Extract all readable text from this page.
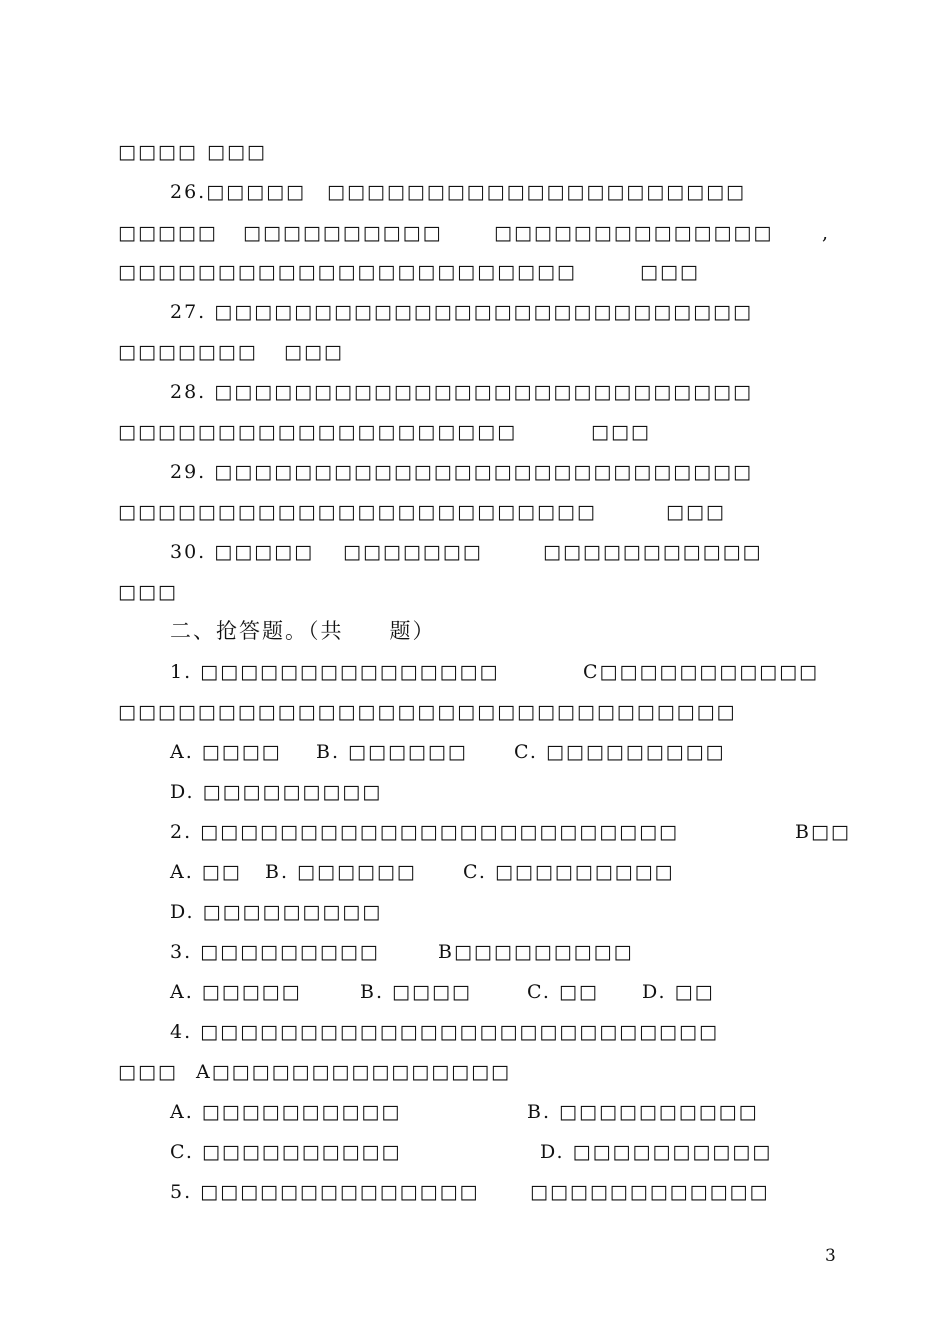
3
□□□□ □□□
26.□□□□□ □□□□□□□□□□□□□□□□□□□□□
□□□□□ □□□□□□□□□□	□□□□□□□□□□□□□□	,
□□□□□□□□□□□□□□□□□□□□□□□	□□□
27. □□□□□□□□□□□□□□□□□□□□□□□□□□□
□□□□□□□ □□□
28. □□□□□□□□□□□□□□□□□□□□□□□□□□□
□□□□□□□□□□□□□□□□□□□□	□□□
29. □□□□□□□□□□□□□□□□□□□□□□□□□□□
□□□□□□□□□□□□□□□□□□□□□□□□	□□□
30. □□□□□ □□□□□□□	□□□□□□□□□□□
□□□
二、抢答题。（共　　题）
1. □□□□□□□□□□□□□□□	C□□□□□□□□□□□
□□□□□□□□□□□□□□□□□□□□□□□□□□□□□□□
A. □□□□ B. □□□□□□ C. □□□□□□□□□
D. □□□□□□□□□
2. □□□□□□□□□□□□□□□□□□□□□□□□	B□□
A. □□ B. □□□□□□ C. □□□□□□□□□
D. □□□□□□□□□
3. □□□□□□□□□	B□□□□□□□□□
A. □□□□□	B. □□□□	C. □□ D. □□
4. □□□□□□□□□□□□□□□□□□□□□□□□□□
□□□ A□□□□□□□□□□□□□□□
A. □□□□□□□□□□	B. □□□□□□□□□□
C. □□□□□□□□□□	D. □□□□□□□□□□
5. □□□□□□□□□□□□□□	□□□□□□□□□□□□
